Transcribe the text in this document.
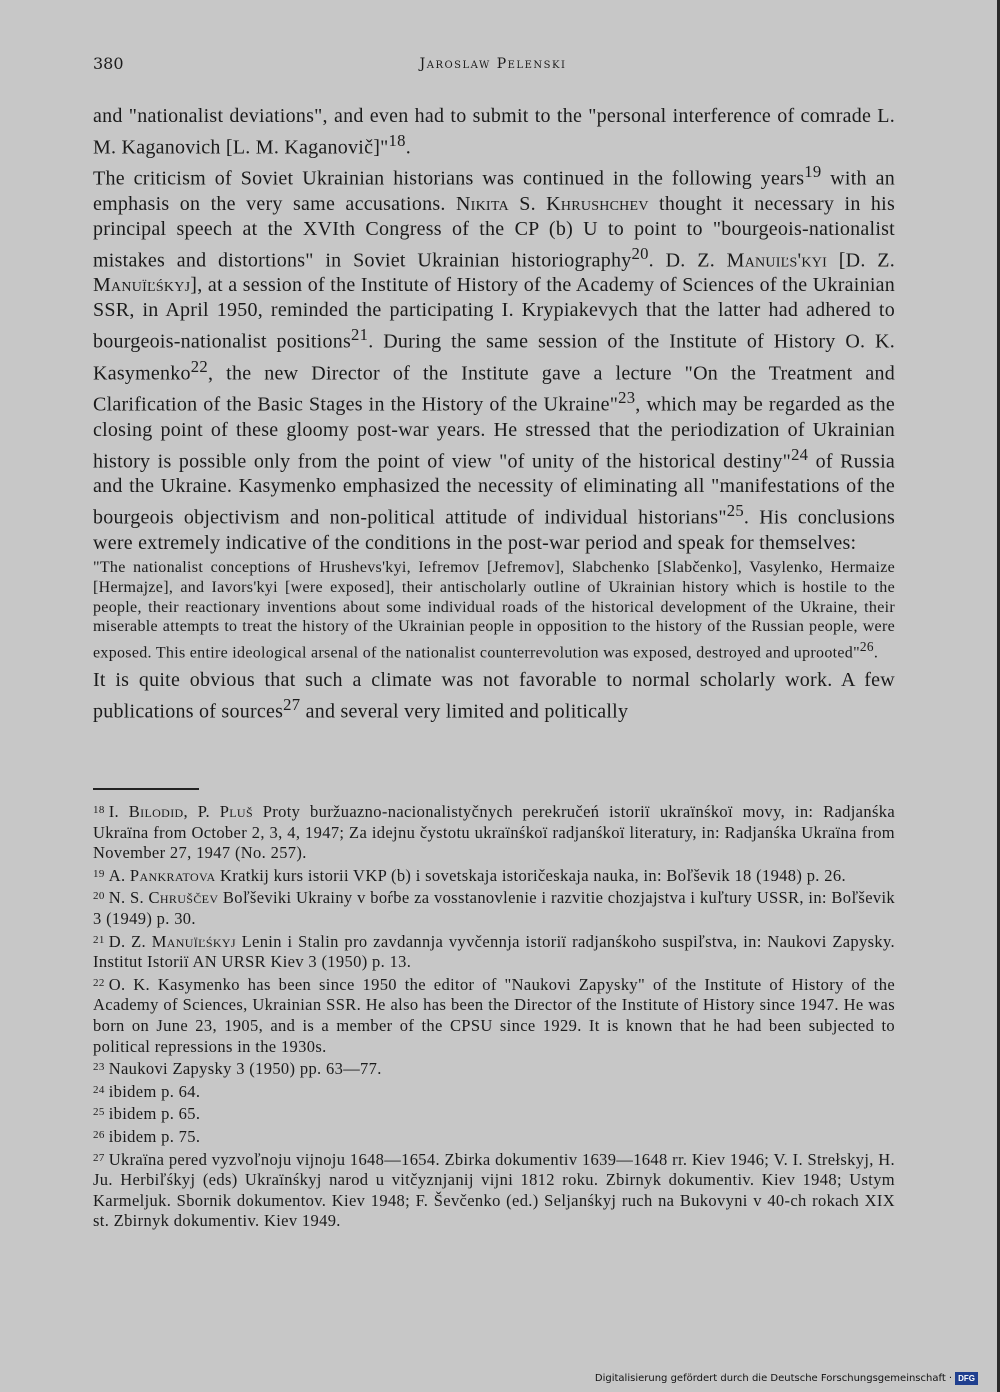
380	Jaroslaw Pelenski

and "nationalist deviations", and even had to submit to the "personal interference of comrade L. M. Kaganovich [L. M. Kaganovič]"$^{18}$.

The criticism of Soviet Ukrainian historians was continued in the following years$^{19}$ with an emphasis on the very same accusations. Nikita S. Khrushchev thought it necessary in his principal speech at the XVIth Congress of the CP (b) U to point to "bourgeois-nationalist mistakes and distortions" in Soviet Ukrainian historiography$^{20}$. D. Z. Manuiľs'kyi [D. Z. Manuïľśkyj], at a session of the Institute of History of the Academy of Sciences of the Ukrainian SSR, in April 1950, reminded the participating I. Krypiakevych that the latter had adhered to bourgeois-nationalist positions$^{21}$. During the same session of the Institute of History O. K. Kasymenko$^{22}$, the new Director of the Institute gave a lecture "On the Treatment and Clarification of the Basic Stages in the History of the Ukraine"$^{23}$, which may be regarded as the closing point of these gloomy post-war years. He stressed that the periodization of Ukrainian history is possible only from the point of view "of unity of the historical destiny"$^{24}$ of Russia and the Ukraine. Kasymenko emphasized the necessity of eliminating all "manifestations of the bourgeois objectivism and non-political attitude of individual historians"$^{25}$. His conclusions were extremely indicative of the conditions in the post-war period and speak for themselves:

"The nationalist conceptions of Hrushevs'kyi, Iefremov [Jefremov], Slabchenko [Slabčenko], Vasylenko, Hermaize [Hermajze], and Iavors'kyi [were exposed], their antischolarly outline of Ukrainian history which is hostile to the people, their reactionary inventions about some individual roads of the historical development of the Ukraine, their miserable attempts to treat the history of the Ukrainian people in opposition to the history of the Russian people, were exposed. This entire ideological arsenal of the nationalist counterrevolution was exposed, destroyed and uprooted"$^{26}$.

It is quite obvious that such a climate was not favorable to normal scholarly work. A few publications of sources$^{27}$ and several very limited and politically

$^{18}$ I. Bilodid, P. Pluš Proty buržuazno-nacionalistyčnych perekručeń istoriï ukraïnśkoï movy, in: Radjanśka Ukraïna from October 2, 3, 4, 1947; Za idejnu čystotu ukraïnśkoï radjanśkoï literatury, in: Radjanśka Ukraïna from November 27, 1947 (No. 257).

$^{19}$ A. Pankratova Kratkij kurs istorii VKP (b) i sovetskaja istoričeskaja nauka, in: Boľševik 18 (1948) p. 26.

$^{20}$ N. S. Chruščev Boľševiki Ukrainy v boŕbe za vosstanovlenie i razvitie chozjajstva i kuľtury USSR, in: Boľševik 3 (1949) p. 30.

$^{21}$ D. Z. Manuïľśkyj Lenin i Stalin pro zavdannja vyvčennja istoriï radjanśkoho suspiľstva, in: Naukovi Zapysky. Institut Istoriï AN URSR Kiev 3 (1950) p. 13.

$^{22}$ O. K. Kasymenko has been since 1950 the editor of "Naukovi Zapysky" of the Institute of History of the Academy of Sciences, Ukrainian SSR. He also has been the Director of the Institute of History since 1947. He was born on June 23, 1905, and is a member of the CPSU since 1929. It is known that he had been subjected to political repressions in the 1930s.

$^{23}$ Naukovi Zapysky 3 (1950) pp. 63—77.

$^{24}$ ibidem p. 64.

$^{25}$ ibidem p. 65.

$^{26}$ ibidem p. 75.

$^{27}$ Ukraïna pered vyzvoľnoju vijnoju 1648—1654. Zbirka dokumentiv 1639—1648 rr. Kiev 1946; V. I. Strełskyj, H. Ju. Herbiľśkyj (eds) Ukraïnśkyj narod u vitčyznjanij vijni 1812 roku. Zbirnyk dokumentiv. Kiev 1948; Ustym Karmeljuk. Sbornik dokumentov. Kiev 1948; F. Ševčenko (ed.) Seljanśkyj ruch na Bukovyni v 40-ch rokach XIX st. Zbirnyk dokumentiv. Kiev 1949.

Digitalisierung gefördert durch die Deutsche Forschungsgemeinschaft · DFG
